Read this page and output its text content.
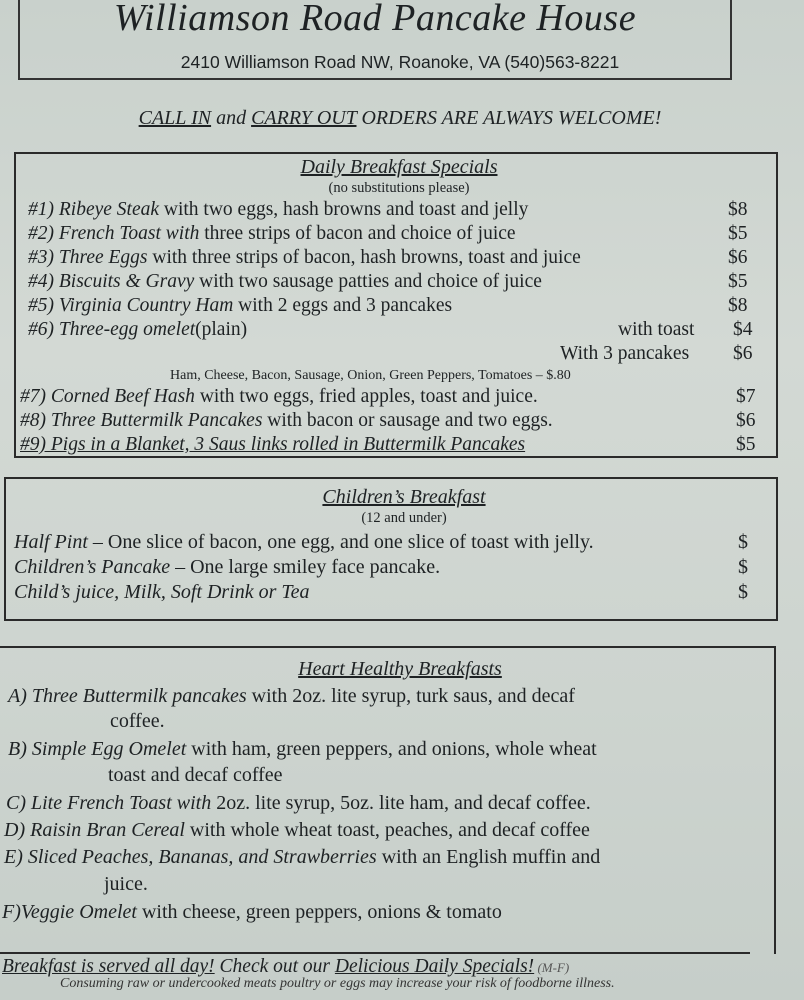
Williamson Road Pancake House
2410 Williamson Road NW, Roanoke, VA (540)563-8221
CALL IN and CARRY OUT ORDERS ARE ALWAYS WELCOME!
Daily Breakfast Specials
(no substitutions please)
#1) Ribeye Steak with two eggs, hash browns and toast and jelly	$8
#2) French Toast with three strips of bacon and choice of juice	$5
#3) Three Eggs with three strips of bacon, hash browns, toast and juice	$6
#4) Biscuits & Gravy with two sausage patties and choice of juice	$5
#5) Virginia Country Ham with 2 eggs and 3 pancakes	$8
#6) Three-egg omelet(plain)	with toast $4
With 3 pancakes $6
Ham, Cheese, Bacon, Sausage, Onion, Green Peppers, Tomatoes – $.80
#7) Corned Beef Hash with two eggs, fried apples, toast and juice.	$7
#8) Three Buttermilk Pancakes with bacon or sausage and two eggs.	$6
#9) Pigs in a Blanket, 3 Saus links rolled in Buttermilk Pancakes	$5
Children’s Breakfast
(12 and under)
Half Pint – One slice of bacon, one egg, and one slice of toast with jelly.	$
Children’s Pancake – One large smiley face pancake.	$
Child’s juice, Milk, Soft Drink or Tea	$
Heart Healthy Breakfasts
A) Three Buttermilk pancakes with 2oz. lite syrup, turk saus, and decaf
coffee.
B) Simple Egg Omelet with ham, green peppers, and onions, whole wheat
toast and decaf coffee
C) Lite French Toast with 2oz. lite syrup, 5oz. lite ham, and decaf coffee.
D) Raisin Bran Cereal with whole wheat toast, peaches, and decaf coffee
E) Sliced Peaches, Bananas, and Strawberries with an English muffin and
juice.
F)Veggie Omelet with cheese, green peppers, onions & tomato
Breakfast is served all day! Check out our Delicious Daily Specials! (M-F)
Consuming raw or undercooked meats poultry or eggs may increase your risk of foodborne illness.
